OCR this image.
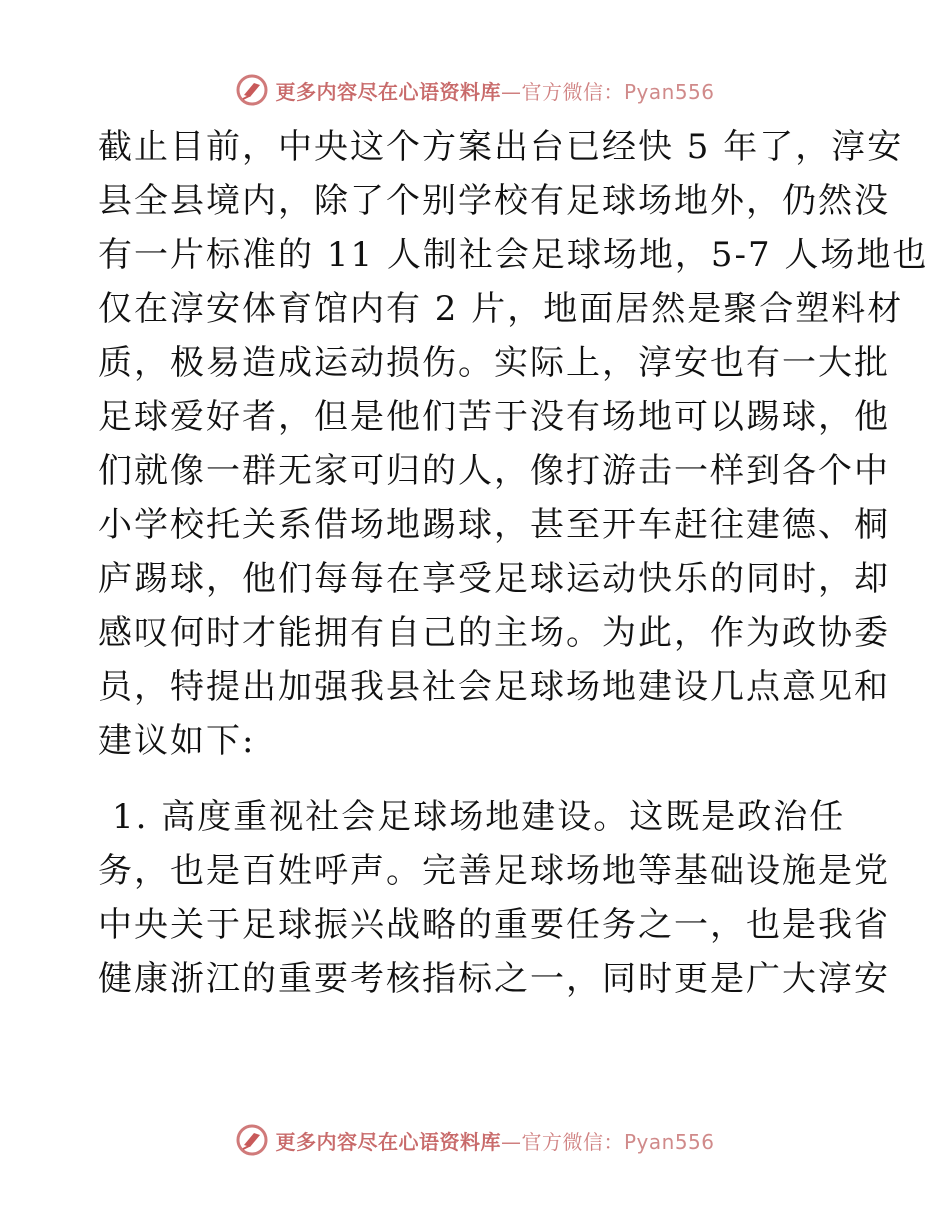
更多内容尽在心语资料库—官方微信：Pyan556
截止目前，中央这个方案出台已经快 5 年了，淳安
县全县境内，除了个别学校有足球场地外，仍然没
有一片标准的 11 人制社会足球场地，5-7 人场地也
仅在淳安体育馆内有 2 片，地面居然是聚合塑料材
质，极易造成运动损伤。实际上，淳安也有一大批
足球爱好者，但是他们苦于没有场地可以踢球，他
们就像一群无家可归的人，像打游击一样到各个中
小学校托关系借场地踢球，甚至开车赶往建德、桐
庐踢球，他们每每在享受足球运动快乐的同时，却
感叹何时才能拥有自己的主场。为此，作为政协委
员，特提出加强我县社会足球场地建设几点意见和
建议如下:
1. 高度重视社会足球场地建设。这既是政治任
务，也是百姓呼声。完善足球场地等基础设施是党
中央关于足球振兴战略的重要任务之一，也是我省
健康浙江的重要考核指标之一，同时更是广大淳安
更多内容尽在心语资料库—官方微信：Pyan556
